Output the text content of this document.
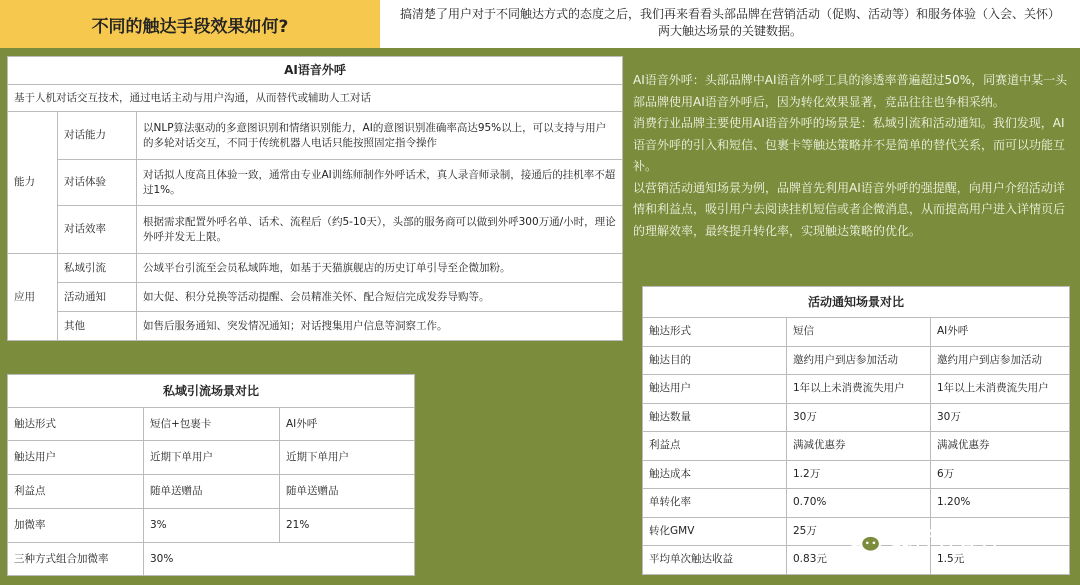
不同的触达手段效果如何?
搞清楚了用户对于不同触达方式的态度之后，我们再来看看头部品牌在营销活动（促购、活动等）和服务体验（入会、关怀）两大触达场景的关键数据。
AI语音外呼		
基于人机对话交互技术，通过电话主动与用户沟通，从而替代或辅助人工对话		
能力	对话能力	以NLP算法驱动的多意图识别和情绪识别能力，AI的意图识别准确率高达95%以上，可以支持与用户的多轮对话交互，不同于传统机器人电话只能按照固定指令操作
	对话体验	对话拟人度高且体验一致，通常由专业AI训练师制作外呼话术，真人录音师录制，接通后的挂机率不超过1%。
	对话效率	根据需求配置外呼名单、话术、流程后（约5-10天），头部的服务商可以做到外呼300万通/小时，理论外呼并发无上限。
应用	私域引流	公域平台引流至会员私域阵地，如基于天猫旗舰店的历史订单引导至企微加粉。
	活动通知	如大促、积分兑换等活动提醒、会员精准关怀、配合短信完成发券导购等。
	其他	如售后服务通知、突发情况通知；对话搜集用户信息等洞察工作。
私域引流场景对比		
触达形式	短信+包裹卡	AI外呼
触达用户	近期下单用户	近期下单用户
利益点	随单送赠品	随单送赠品
加微率	3%	21%
三种方式组合加微率	30%	

AI语音外呼：头部品牌中AI语音外呼工具的渗透率普遍超过50%，同赛道中某一头部品牌使用AI语音外呼后，因为转化效果显著，竞品往往也争相采纳。

消费行业品牌主要使用AI语音外呼的场景是：私域引流和活动通知。我们发现，AI语音外呼的引入和短信、包裹卡等触达策略并不是简单的替代关系，而可以功能互补。

以营销活动通知场景为例，品牌首先利用AI语音外呼的强提醒，向用户介绍活动详情和利益点，吸引用户去阅读挂机短信或者企微消息，从而提高用户进入详情页后的理解效率，最终提升转化率，实现触达策略的优化。

活动通知场景对比		
触达形式	短信	AI外呼
触达目的	邀约用户到店参加活动	邀约用户到店参加活动
触达用户	1年以上未消费流失用户	1年以上未消费流失用户
触达数量	30万	30万
利益点	满减优惠券	满减优惠券
触达成本	1.2万	6万
单转化率	0.70%	1.20%
转化GMV	25万	
平均单次触达收益	0.83元	1.5元
践行者宣言
